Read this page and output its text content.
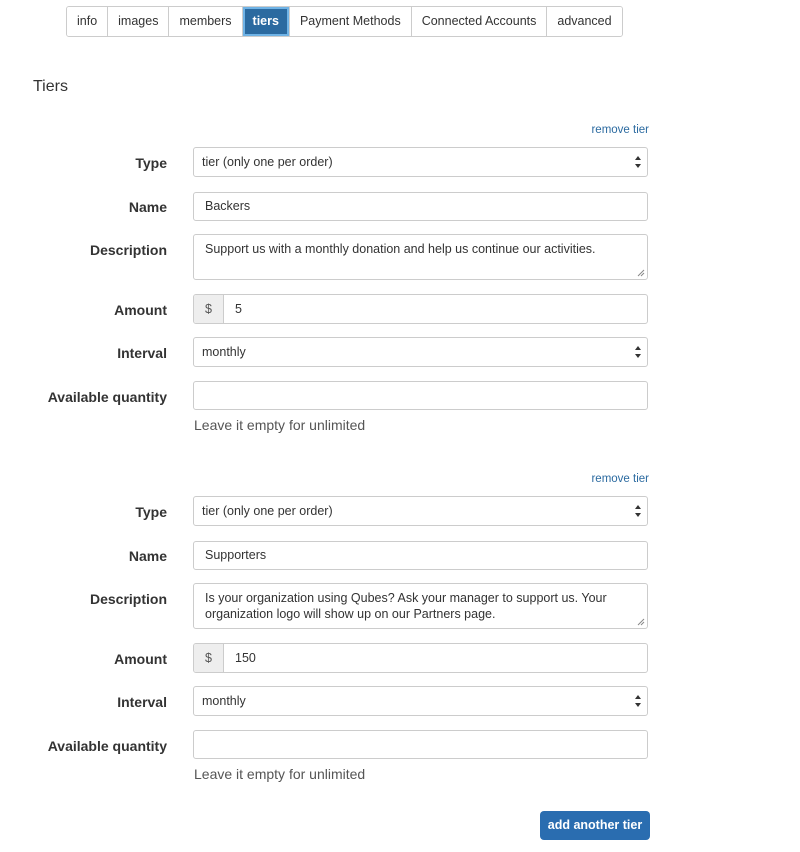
info	images	members	tiers	Payment Methods	Connected Accounts	advanced
Tiers
remove tier
Type	tier (only one per order)
Name	Backers
Description	Support us with a monthly donation and help us continue our activities.
Amount	$	5
Interval	monthly
Available quantity
Leave it empty for unlimited
remove tier
Type	tier (only one per order)
Name	Supporters
Description	Is your organization using Qubes? Ask your manager to support us. Your organization logo will show up on our Partners page.
Amount	$	150
Interval	monthly
Available quantity
Leave it empty for unlimited
add another tier
